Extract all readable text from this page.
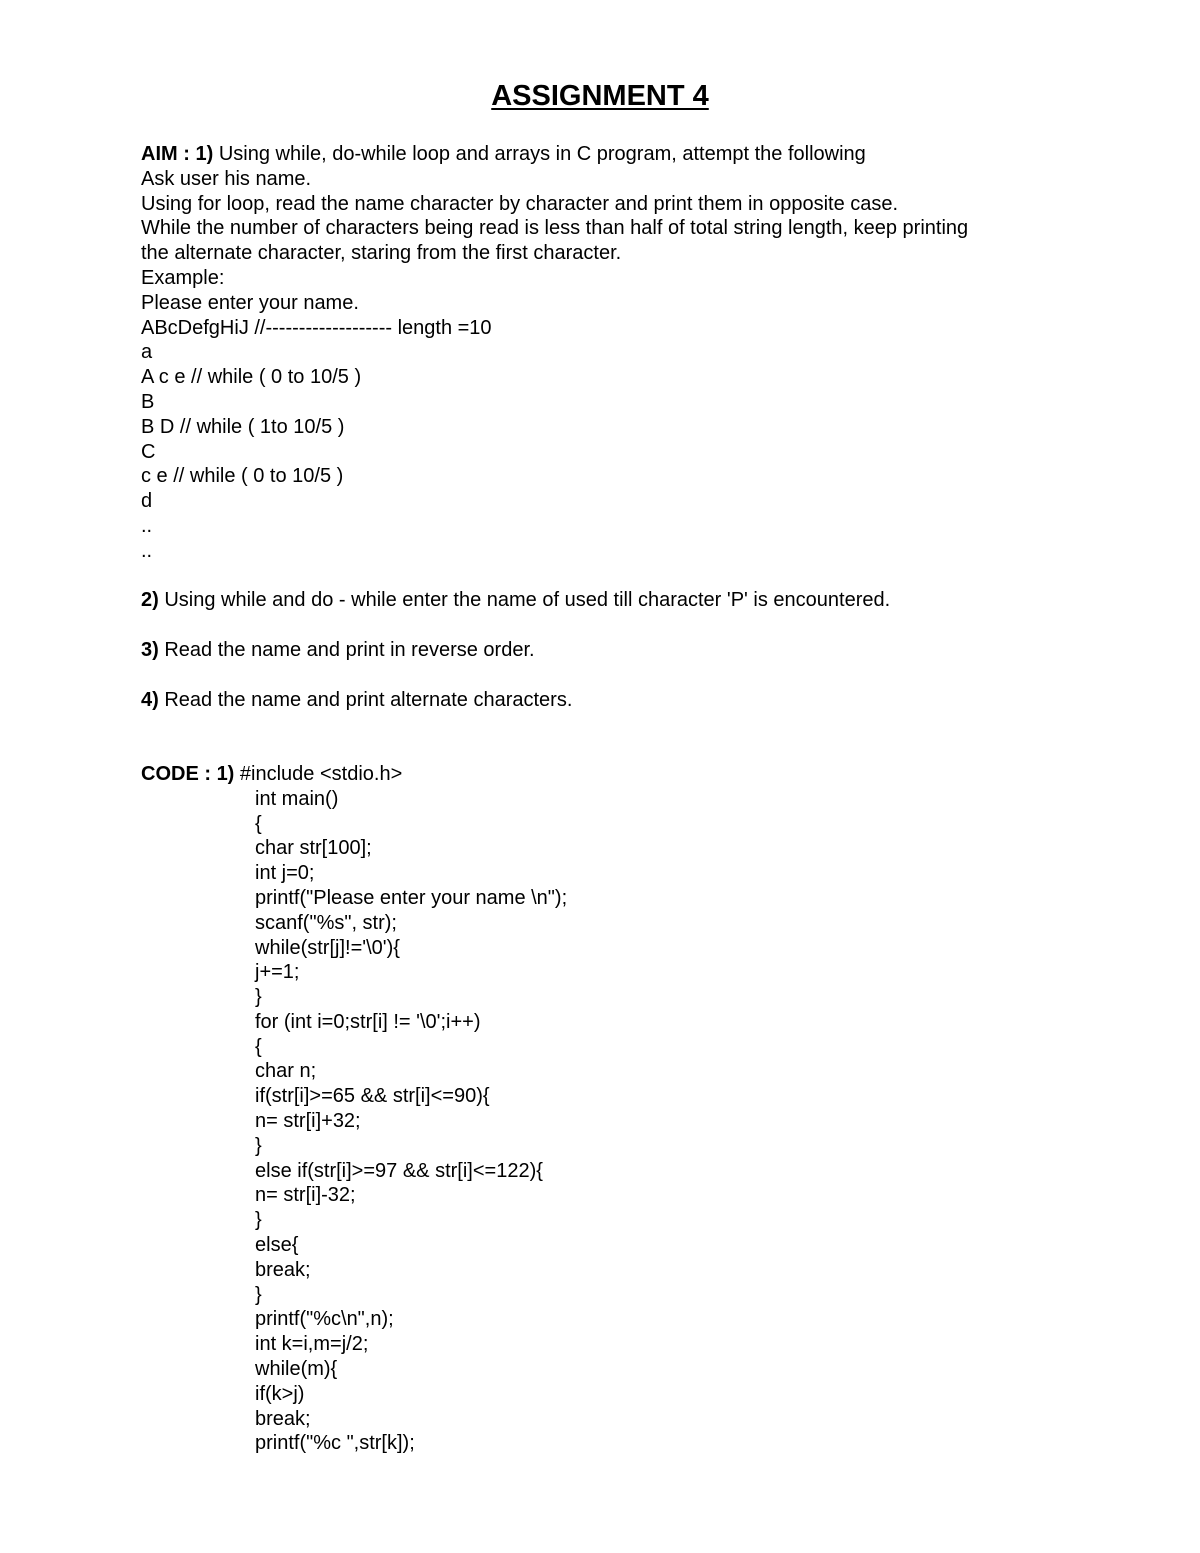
ASSIGNMENT 4
AIM : 1) Using while, do-while loop and arrays in C program, attempt the following
Ask user his name.
Using for loop, read the name character by character and print them in opposite case.
While the number of characters being read is less than half of total string length, keep printing
the alternate character, staring from the first character.
Example:
Please enter your name.
ABcDefgHiJ //------------------- length =10
a
A c e // while ( 0 to 10/5 )
B
B D // while ( 1to 10/5 )
C
c e // while ( 0 to 10/5 )
d
..
..
2) Using while and do - while enter the name of used till character 'P' is encountered.
3) Read the name and print in reverse order.
4) Read the name and print alternate characters.
CODE : 1) #include <stdio.h>
int main()
{
char str[100];
int j=0;
printf("Please enter your name \n");
scanf("%s", str);
while(str[j]!='\0'){
j+=1;
}
for (int i=0;str[i] != '\0';i++)
{
char n;
if(str[i]>=65 && str[i]<=90){
n= str[i]+32;
}
else if(str[i]>=97 && str[i]<=122){
n= str[i]-32;
}
else{
break;
}
printf("%c\n",n);
int k=i,m=j/2;
while(m){
if(k>j)
break;
printf("%c ",str[k]);
